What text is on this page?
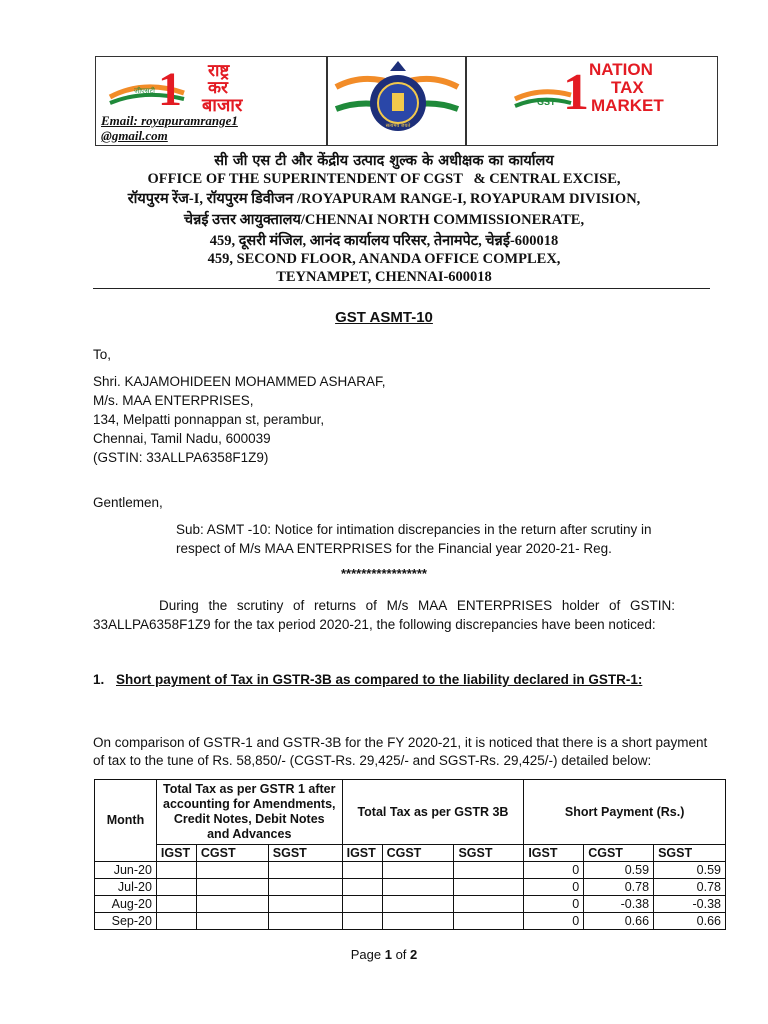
जीएसटी 1 राष्ट्र
कर
बाजार
Email: royapuramrange1
@gmail.com
सत्यमेव जयते
GST 1 NATION
TAX
MARKET
सी जी एस टी और केंद्रीय उत्पाद शुल्क के अधीक्षक का कार्यालय
OFFICE OF THE SUPERINTENDENT OF CGST   & CENTRAL EXCISE,
रॉयपुरम रेंज-I, रॉयपुरम डिवीजन /ROYAPURAM RANGE-I, ROYAPURAM DIVISION,
चेन्नई उत्तर आयुक्तालय/CHENNAI NORTH COMMISSIONERATE,
459, दूसरी मंजिल, आनंद कार्यालय परिसर, तेनामपेट, चेन्नई-600018
459, SECOND FLOOR, ANANDA OFFICE COMPLEX,
TEYNAMPET, CHENNAI-600018
GST ASMT-10
To,
Shri. KAJAMOHIDEEN MOHAMMED ASHARAF,
M/s. MAA ENTERPRISES,
134, Melpatti ponnappan st, perambur,
Chennai, Tamil Nadu, 600039
(GSTIN: 33ALLPA6358F1Z9)
Gentlemen,
Sub: ASMT -10: Notice for intimation discrepancies in the return after scrutiny in
respect of M/s MAA ENTERPRISES for the Financial year 2020-21- Reg.
*****************
During the scrutiny of returns of M/s MAA ENTERPRISES holder of GSTIN:
33ALLPA6358F1Z9 for the tax period 2020-21, the following discrepancies have been noticed:
1. Short payment of Tax in GSTR-3B as compared to the liability declared in GSTR-1:
On comparison of GSTR-1 and GSTR-3B for the FY 2020-21, it is noticed that there is a short payment
of tax to the tune of Rs. 58,850/- (CGST-Rs. 29,425/- and SGST-Rs. 29,425/-) detailed below:
Month	Total Tax as per GSTR 1 after accounting for Amendments, Credit Notes, Debit Notes and Advances			Total Tax as per GSTR 3B			Short Payment (Rs.)		
	IGST	CGST	SGST	IGST	CGST	SGST	IGST	CGST	SGST
Jun-20							0	0.59	0.59
Jul-20							0	0.78	0.78
Aug-20							0	-0.38	-0.38
Sep-20							0	0.66	0.66
Page 1 of 2
